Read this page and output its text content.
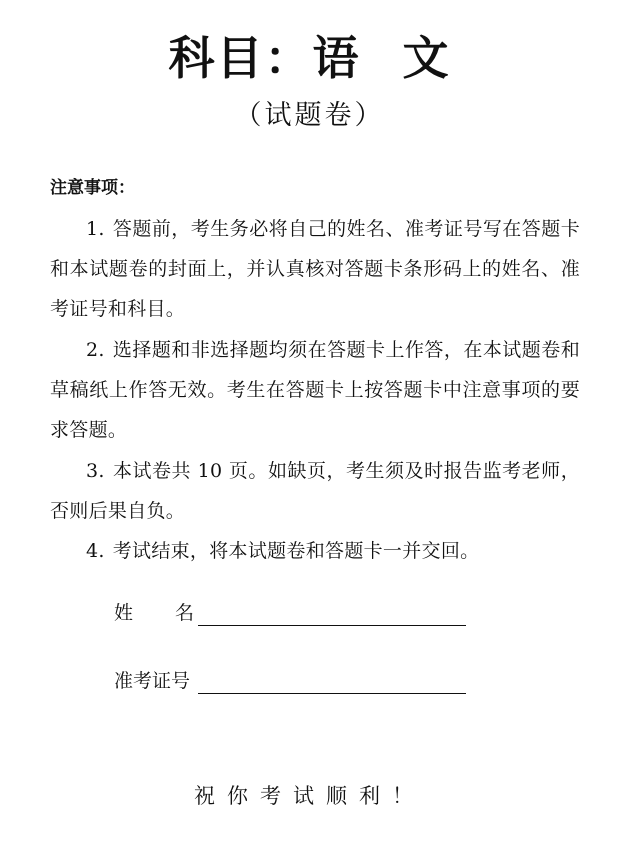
科目：语 文
（试题卷）
注意事项：
1. 答题前，考生务必将自己的姓名、准考证号写在答题卡和本试题卷的封面上，并认真核对答题卡条形码上的姓名、准考证号和科目。
2. 选择题和非选择题均须在答题卡上作答，在本试题卷和草稿纸上作答无效。考生在答题卡上按答题卡中注意事项的要求答题。
3. 本试卷共 10 页。如缺页，考生须及时报告监考老师，否则后果自负。
4. 考试结束，将本试题卷和答题卡一并交回。
姓 名
准考证号
祝你考试顺利！
